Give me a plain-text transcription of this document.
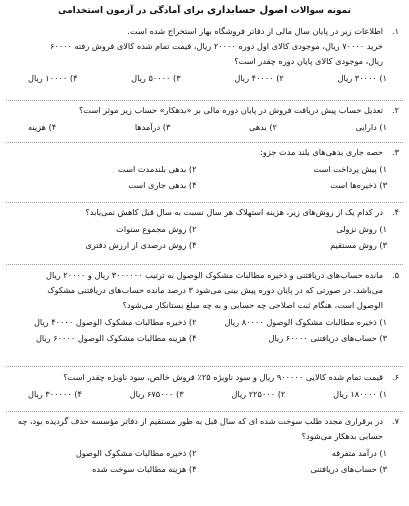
نمونه سوالات اصول حسابداری برای آمادگی در آزمون استخدامی
۱.
اطلاعات زیر در پایان سال مالی از دفاتر فروشگاه بهار استخراج شده است.
خرید ۷۰۰۰۰ ریال، موجودی کالای اول دوره ۲۰۰۰۰ ریال، قیمت تمام شده کالای فروش رفته ۶۰۰۰۰
ریال، موجودی کالای پایان دوره چقدر است؟
۱) ۳۰۰۰۰ ریال
۲) ۴۰۰۰۰ ریال
۳) ۵۰۰۰۰ ریال
۴) ۱۰۰۰۰ ریال
۲.
تعدیل حساب پیش دریافت فروش در پایان دوره مالی بر «بدهکار» حساب زیر موثر است؟
۱) دارایی
۲) بدهی
۳) درآمدها
۴) هزینه
۳.
حصه جاری بدهی‌های بلند مدت جزو:
۱) پیش پرداخت است
۲) بدهی بلندمدت است
۳) ذخیره‌ها است
۴) بدهی جاری است
۴.
در کدام یک از روش‌های زیر، هزینه استهلاک هر سال نسبت به سال قبل کاهش نمی‌یابد؟
۱) روش نزولی
۲) روش مجموع سنوات
۳) روش مستقیم
۴) روش درصدی از ارزش دفتری
۵.
مانده حساب‌های دریافتنی و ذخیره مطالبات مشکوک الوصول به ترتیب ۳۰۰۰۰۰۰ ریال و ۲۰۰۰۰ ریال
می‌باشد. در صورتی که در پایان دوره پیش بینی می‌شود ۳ درصد مانده حساب‌های دریافتنی مشکوک
الوصول است، هنگام ثبت اصلاحی چه حسابی و به چه مبلغ بستانکار می‌شود؟
۱) ذخیره مطالبات مشکوک الوصول ۸۰۰۰۰ ریال
۲) ذخیره مطالبات مشکوک الوصول ۴۰۰۰۰ ریال
۳) حساب‌های دریافتنی ۶۰۰۰۰ ریال
۴) هزینه مطالبات مشکوک الوصول ۶۰۰۰۰ ریال
۶.
قیمت تمام شده کالایی ۹۰۰۰۰۰ ریال و سود ناویژه ۲۵٪ فروش خالص، سود ناویژه چقدر است؟
۱) ۱۸۰۰۰۰ ریال
۲) ۲۲۵۰۰۰ ریال
۳) ۶۷۵۰۰۰ ریال
۴) ۳۰۰۰۰۰ ریال
۷.
در برقراری مجدد طلب سوخت شده ای که سال قبل به طور مستقیم از دفاتر مؤسسه حذف گردیده بود، چه
حسابی بدهکار می‌شود؟
۱) درآمد متفرقه
۲) ذخیره مطالبات مشکوک الوصول
۳) حساب‌های دریافتنی
۴) هزینه مطالبات سوخت شده
